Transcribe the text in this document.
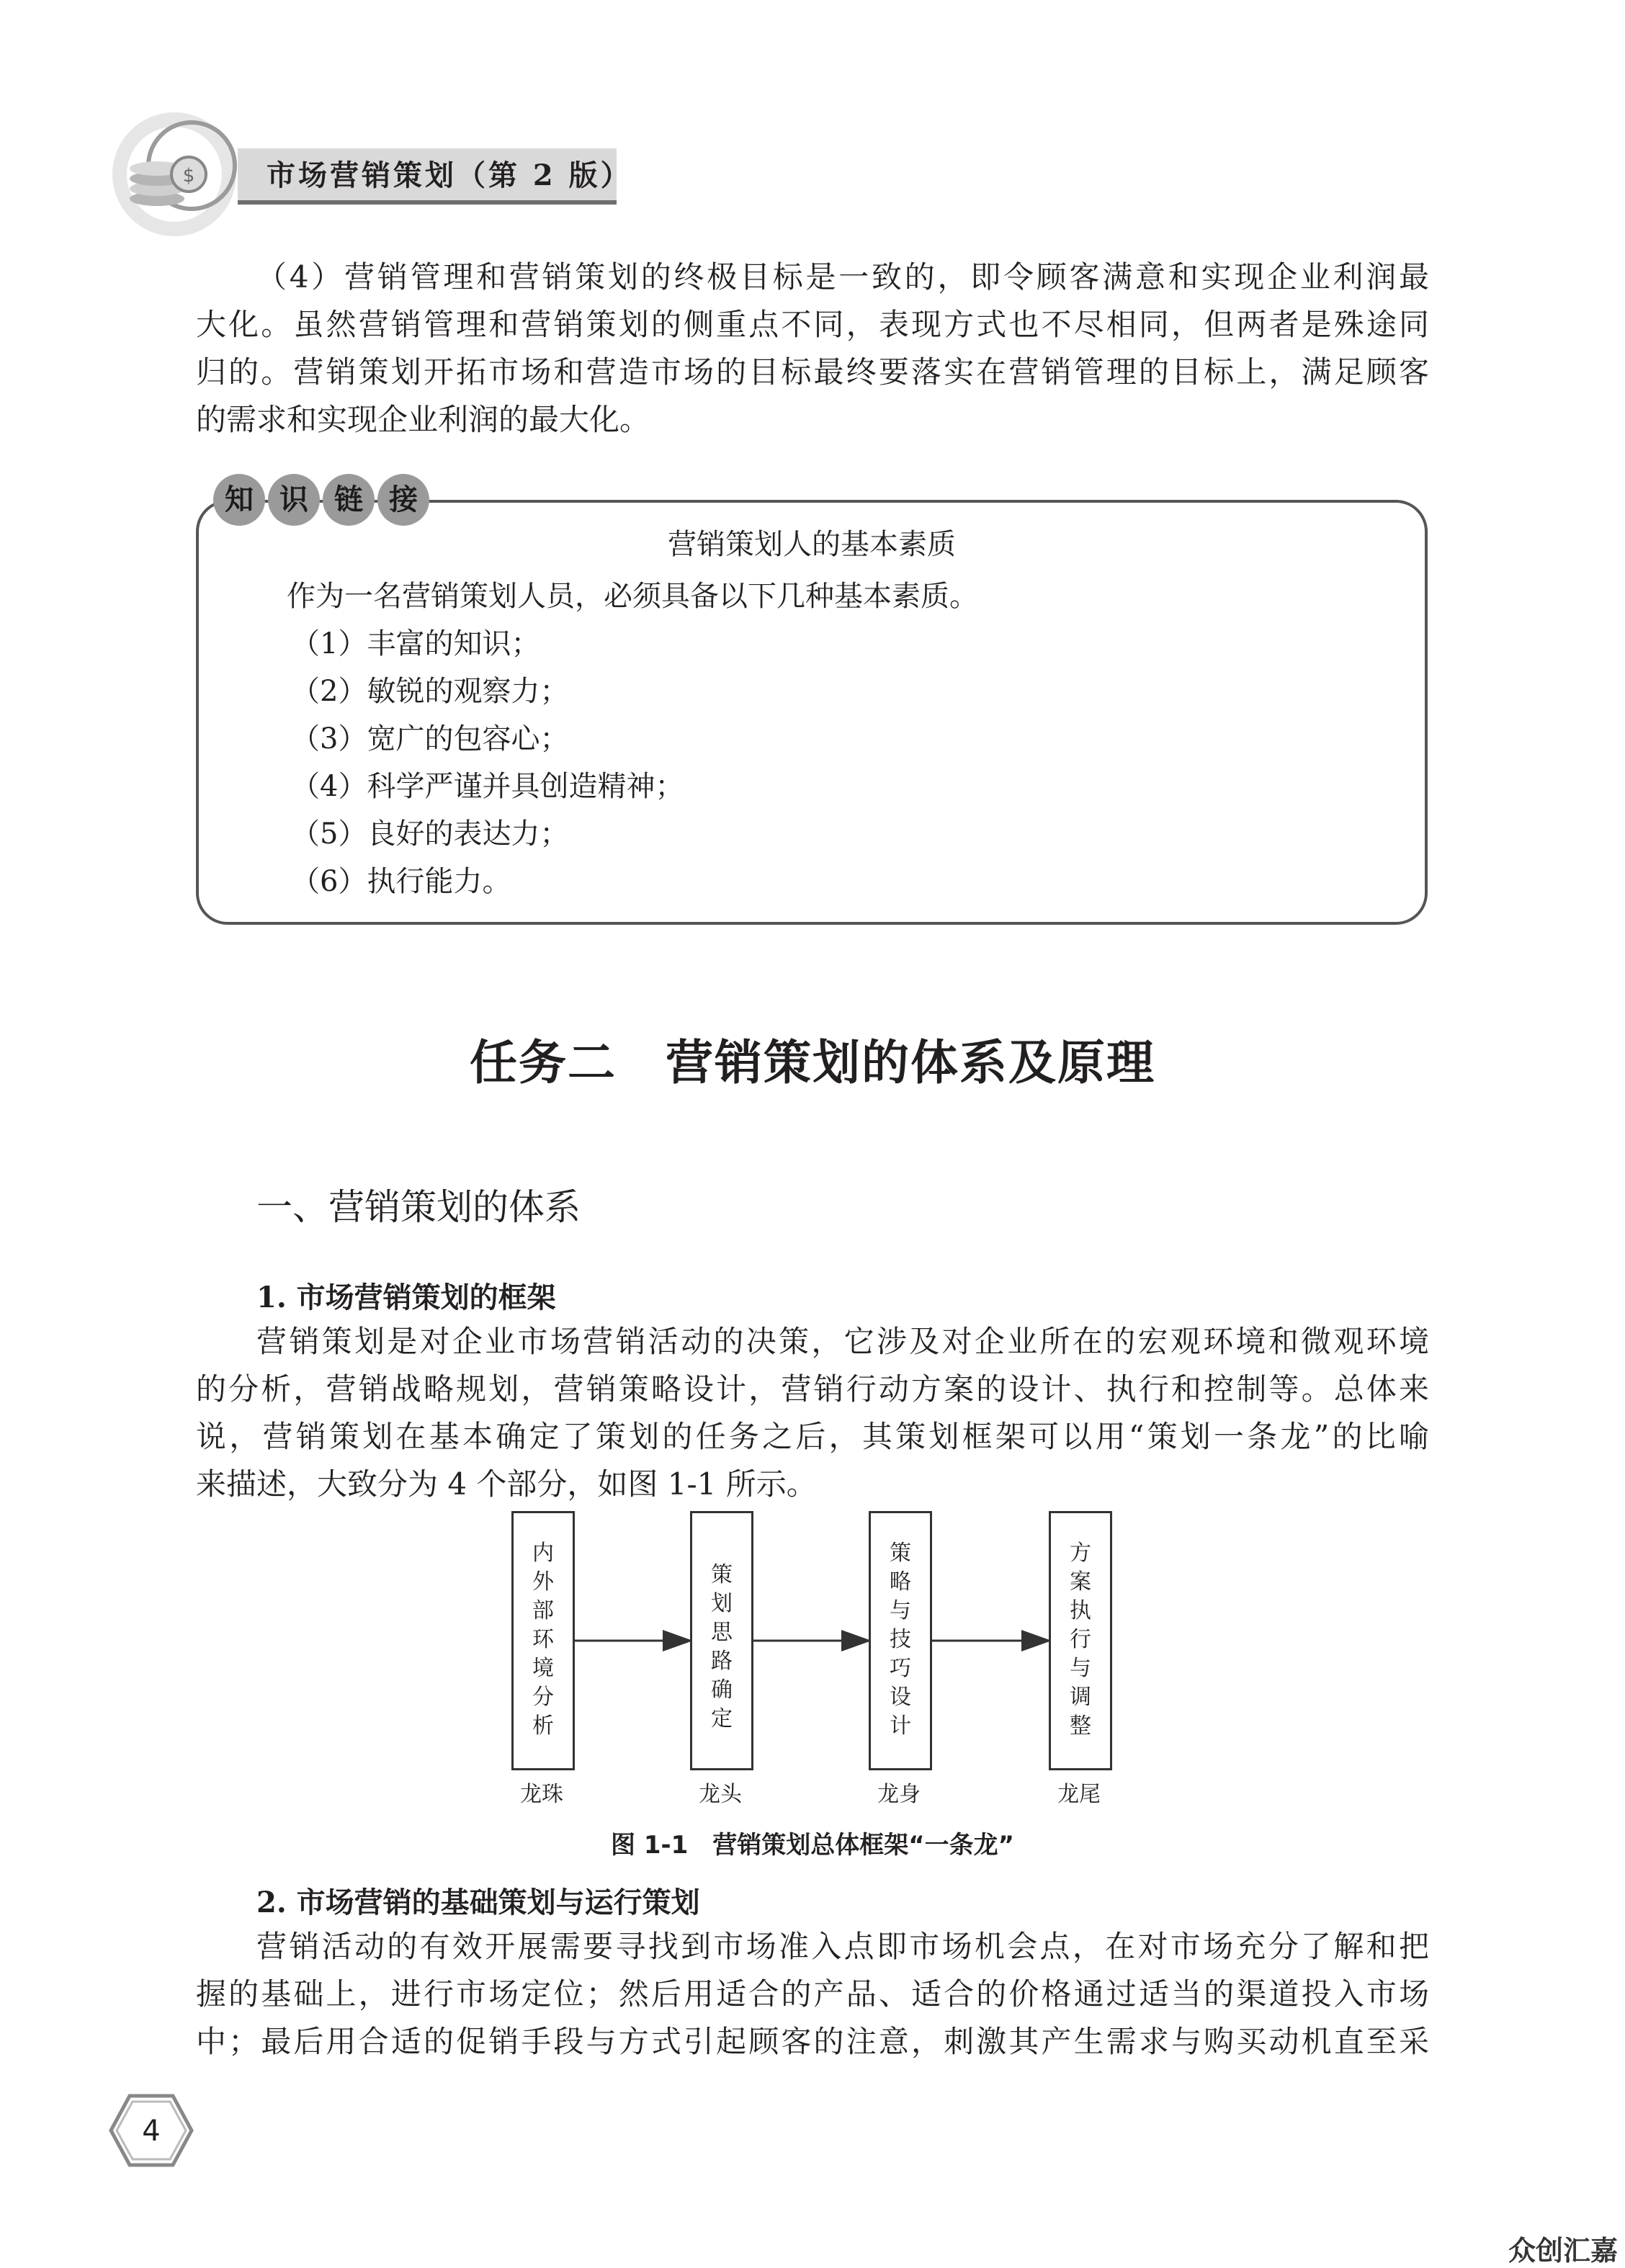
$ 市场营销策划（第 2 版）
（4）营销管理和营销策划的终极目标是一致的，即令顾客满意和实现企业利润最
大化。虽然营销管理和营销策划的侧重点不同，表现方式也不尽相同，但两者是殊途同
归的。营销策划开拓市场和营造市场的目标最终要落实在营销管理的目标上，满足顾客
的需求和实现企业利润的最大化。
知 识 链 接
营销策划人的基本素质
作为一名营销策划人员，必须具备以下几种基本素质。
（1）丰富的知识；
（2）敏锐的观察力；
（3）宽广的包容心；
（4）科学严谨并具创造精神；
（5）良好的表达力；
（6）执行能力。
任务二　营销策划的体系及原理
一、营销策划的体系
1. 市场营销策划的框架
营销策划是对企业市场营销活动的决策，它涉及对企业所在的宏观环境和微观环境
的分析，营销战略规划，营销策略设计，营销行动方案的设计、执行和控制等。总体来
说，营销策划在基本确定了策划的任务之后，其策划框架可以用“策划一条龙”的比喻
来描述，大致分为 4 个部分，如图 1-1 所示。
内
外
部
环
境
分
析
策
划
思
路
确
定
策
略
与
技
巧
设
计
方
案
执
行
与
调
整
龙珠	龙头	龙身	龙尾
图 1-1　营销策划总体框架“一条龙”
2. 市场营销的基础策划与运行策划
营销活动的有效开展需要寻找到市场准入点即市场机会点，在对市场充分了解和把
握的基础上，进行市场定位；然后用适合的产品、适合的价格通过适当的渠道投入市场
中；最后用合适的促销手段与方式引起顾客的注意，刺激其产生需求与购买动机直至采
4
众创汇嘉
